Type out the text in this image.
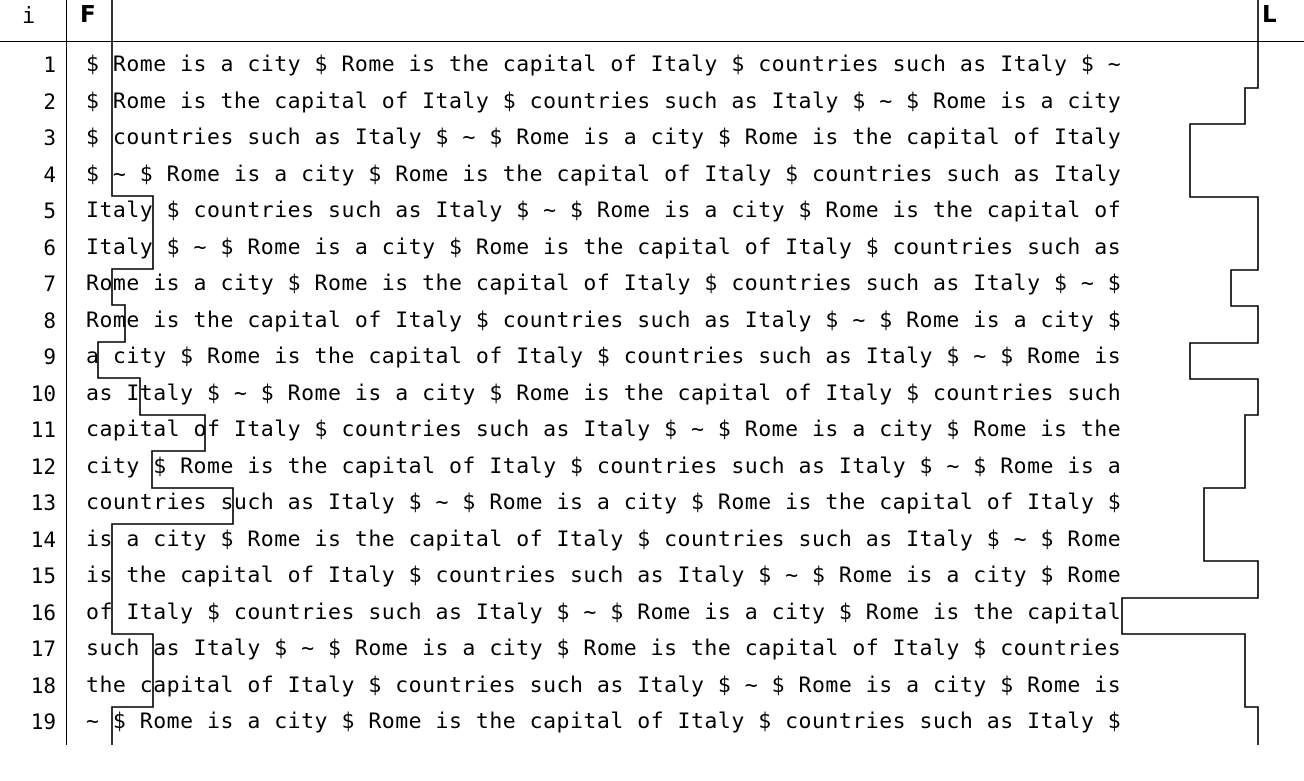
i F	L

1

$ Rome is a city $ Rome is the capital of Italy $ countries such as Italy $ ~

2

$ Rome is the capital of Italy $ countries such as Italy $ ~ $ Rome is a city

3

$ countries such as Italy $ ~ $ Rome is a city $ Rome is the capital of Italy

4

$ ~ $ Rome is a city $ Rome is the capital of Italy $ countries such as Italy

5

Italy $ countries such as Italy $ ~ $ Rome is a city $ Rome is the capital of

6

Italy $ ~ $ Rome is a city $ Rome is the capital of Italy $ countries such as

7

Rome is a city $ Rome is the capital of Italy $ countries such as Italy $ ~ $

8

Rome is the capital of Italy $ countries such as Italy $ ~ $ Rome is a city $

9

a city $ Rome is the capital of Italy $ countries such as Italy $ ~ $ Rome is

10

as Italy $ ~ $ Rome is a city $ Rome is the capital of Italy $ countries such

11

capital of Italy $ countries such as Italy $ ~ $ Rome is a city $ Rome is the

12

city $ Rome is the capital of Italy $ countries such as Italy $ ~ $ Rome is a

13

countries such as Italy $ ~ $ Rome is a city $ Rome is the capital of Italy $

14

is a city $ Rome is the capital of Italy $ countries such as Italy $ ~ $ Rome

15

is the capital of Italy $ countries such as Italy $ ~ $ Rome is a city $ Rome

16

of Italy $ countries such as Italy $ ~ $ Rome is a city $ Rome is the capital

17

such as Italy $ ~ $ Rome is a city $ Rome is the capital of Italy $ countries

18

the capital of Italy $ countries such as Italy $ ~ $ Rome is a city $ Rome is

19

~ $ Rome is a city $ Rome is the capital of Italy $ countries such as Italy $
